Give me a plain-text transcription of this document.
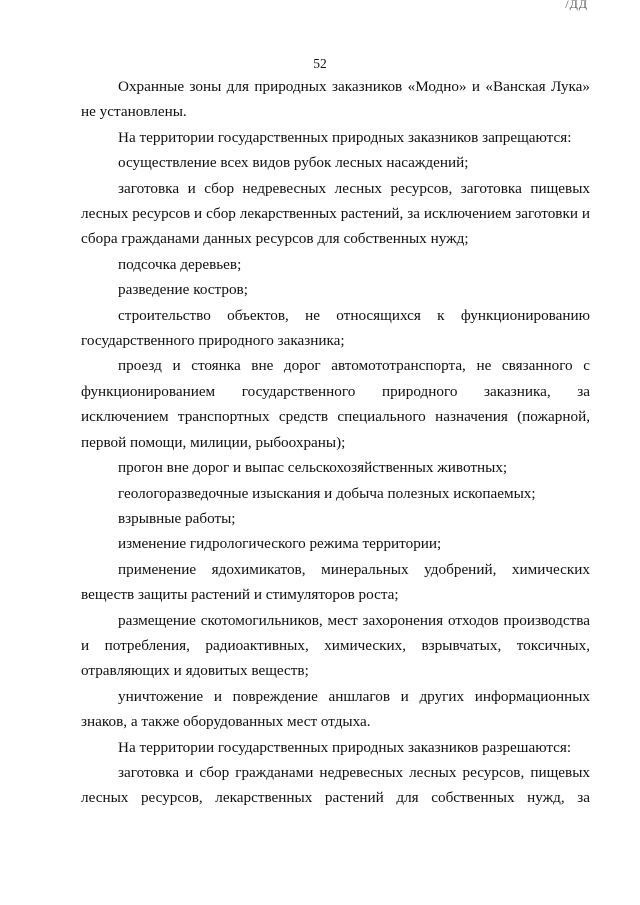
/ДД
52

Охранные зоны для природных заказников «Модно» и «Ванская Лука» не установлены.

На территории государственных природных заказников запрещаются:

осуществление всех видов рубок лесных насаждений;

заготовка и сбор недревесных лесных ресурсов, заготовка пищевых лесных ресурсов и сбор лекарственных растений, за исключением заготовки и сбора гражданами данных ресурсов для собственных нужд;

подсочка деревьев;

разведение костров;

строительство объектов, не относящихся к функционированию государственного природного заказника;

проезд и стоянка вне дорог автомототранспорта, не связанного с функционированием государственного природного заказника, за исключением транспортных средств специального назначения (пожарной, первой помощи, милиции, рыбоохраны);

прогон вне дорог и выпас сельскохозяйственных животных;

геологоразведочные изыскания и добыча полезных ископаемых;

взрывные работы;

изменение гидрологического режима территории;

применение ядохимикатов, минеральных удобрений, химических веществ защиты растений и стимуляторов роста;

размещение скотомогильников, мест захоронения отходов производства и потребления, радиоактивных, химических, взрывчатых, токсичных, отравляющих и ядовитых веществ;

уничтожение и повреждение аншлагов и других информационных знаков, а также оборудованных мест отдыха.

На территории государственных природных заказников разрешаются:

заготовка и сбор гражданами недревесных лесных ресурсов, пищевых лесных ресурсов, лекарственных растений для собственных нужд, за
